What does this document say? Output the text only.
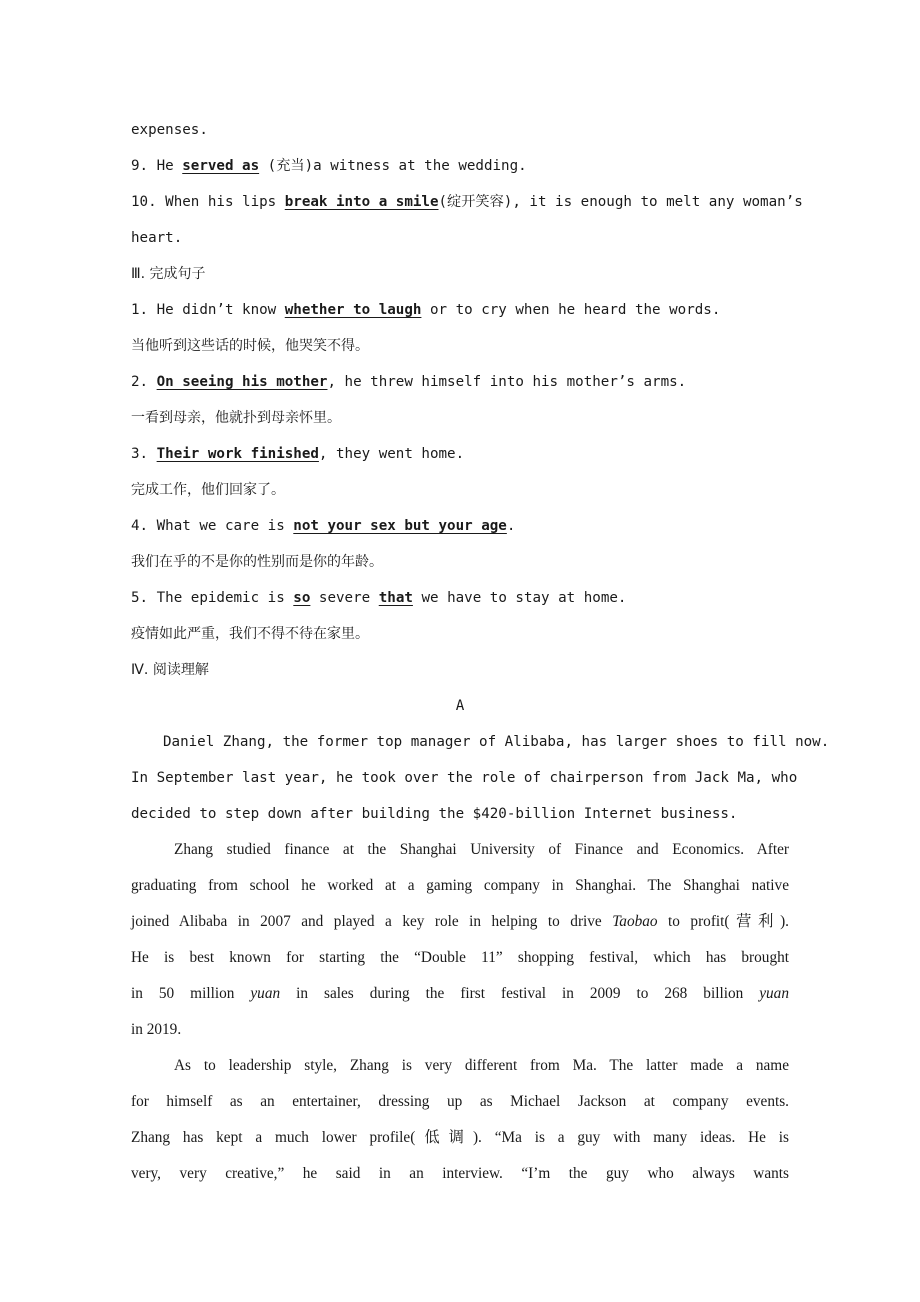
expenses.
9. He served as (充当)a witness at the wedding.
10. When his lips break into a smile(绽开笑容), it is enough to melt any woman’s
heart.
Ⅲ. 完成句子
1. He didn’t know whether to laugh or to cry when he heard the words.
当他听到这些话的时候，他哭笑不得。
2. On seeing his mother, he threw himself into his mother’s arms.
一看到母亲，他就扑到母亲怀里。
3. Their work finished, they went home.
完成工作，他们回家了。
4. What we care is not your sex but your age.
我们在乎的不是你的性别而是你的年龄。
5. The epidemic is so severe that we have to stay at home.
疫情如此严重，我们不得不待在家里。
Ⅳ. 阅读理解
A
Daniel Zhang, the former top manager of Alibaba, has larger shoes to fill now.
In September last year, he took over the role of chairperson from Jack Ma, who
decided to step down after building the $420-billion Internet business.
Zhang studied finance at the Shanghai University of Finance and Economics. After
graduating from school he worked at a gaming company in Shanghai. The Shanghai native
joined Alibaba in 2007 and played a key role in helping to drive Taobao to profit(营利).
He is best known for starting the “Double 11” shopping festival, which has brought
in 50 million yuan in sales during the first festival in 2009 to 268 billion yuan
in 2019.
As to leadership style, Zhang is very different from Ma. The latter made a name
for himself as an entertainer, dressing up as Michael Jackson at company events.
Zhang has kept a much lower profile(低调). “Ma is a guy with many ideas. He is
very, very creative,” he said in an interview. “I’m the guy who always wants
